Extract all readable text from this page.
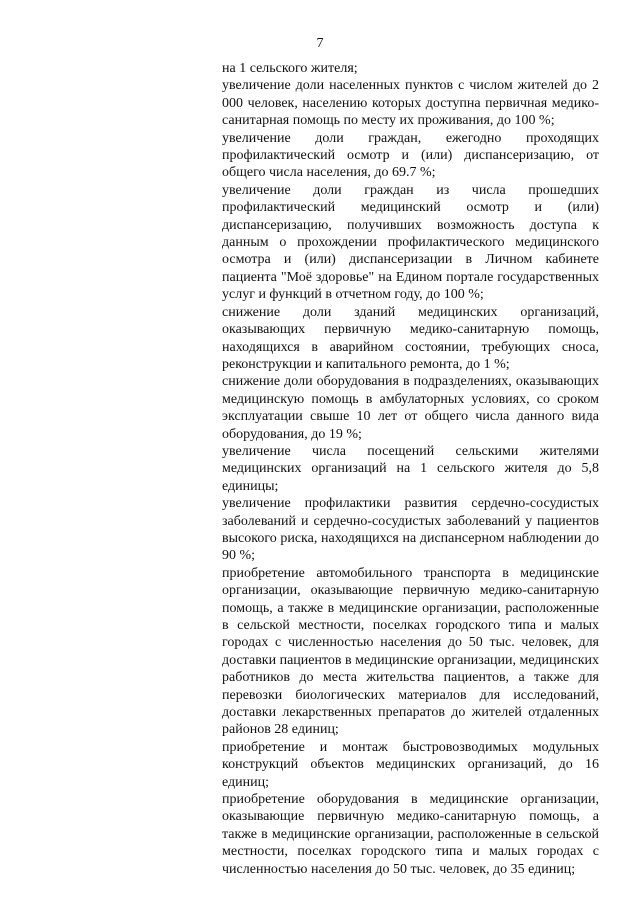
7

на 1 сельского жителя;

увеличение доли населенных пунктов с числом жителей до 2 000 человек, населению которых доступна первичная медико-санитарная помощь по месту их проживания, до 100 %;

увеличение доли граждан, ежегодно проходящих профилактический осмотр и (или) диспансеризацию, от общего числа населения, до 69.7 %;

увеличение доли граждан из числа прошедших профилактический медицинский осмотр и (или) диспансеризацию, получивших возможность доступа к данным о прохождении профилактического медицинского осмотра и (или) диспансеризации в Личном кабинете пациента "Моё здоровье" на Едином портале государственных услуг и функций в отчетном году, до 100 %;

снижение доли зданий медицинских организаций, оказывающих первичную медико-санитарную помощь, находящихся в аварийном состоянии, требующих сноса, реконструкции и капитального ремонта, до 1 %;

снижение доли оборудования в подразделениях, оказывающих медицинскую помощь в амбулаторных условиях, со сроком эксплуатации свыше 10 лет от общего числа данного вида оборудования, до 19 %;

увеличение числа посещений сельскими жителями медицинских организаций на 1 сельского жителя до 5,8 единицы;

увеличение профилактики развития сердечно-сосудистых заболеваний и сердечно-сосудистых заболеваний у пациентов высокого риска, находящихся на диспансерном наблюдении до 90 %;

приобретение автомобильного транспорта в медицинские организации, оказывающие первичную медико-санитарную помощь, а также в медицинские организации, расположенные в сельской местности, поселках городского типа и малых городах с численностью населения до 50 тыс. человек, для доставки пациентов в медицинские организации, медицинских работников до места жительства пациентов, а также для перевозки биологических материалов для исследований, доставки лекарственных препаратов до жителей отдаленных районов 28 единиц;

приобретение и монтаж быстровозводимых модульных конструкций объектов медицинских организаций, до 16 единиц;

приобретение оборудования в медицинские организации, оказывающие первичную медико-санитарную помощь, а также в медицинские организации, расположенные в сельской местности, поселках городского типа и малых городах с численностью населения до 50 тыс. человек, до 35 единиц;
